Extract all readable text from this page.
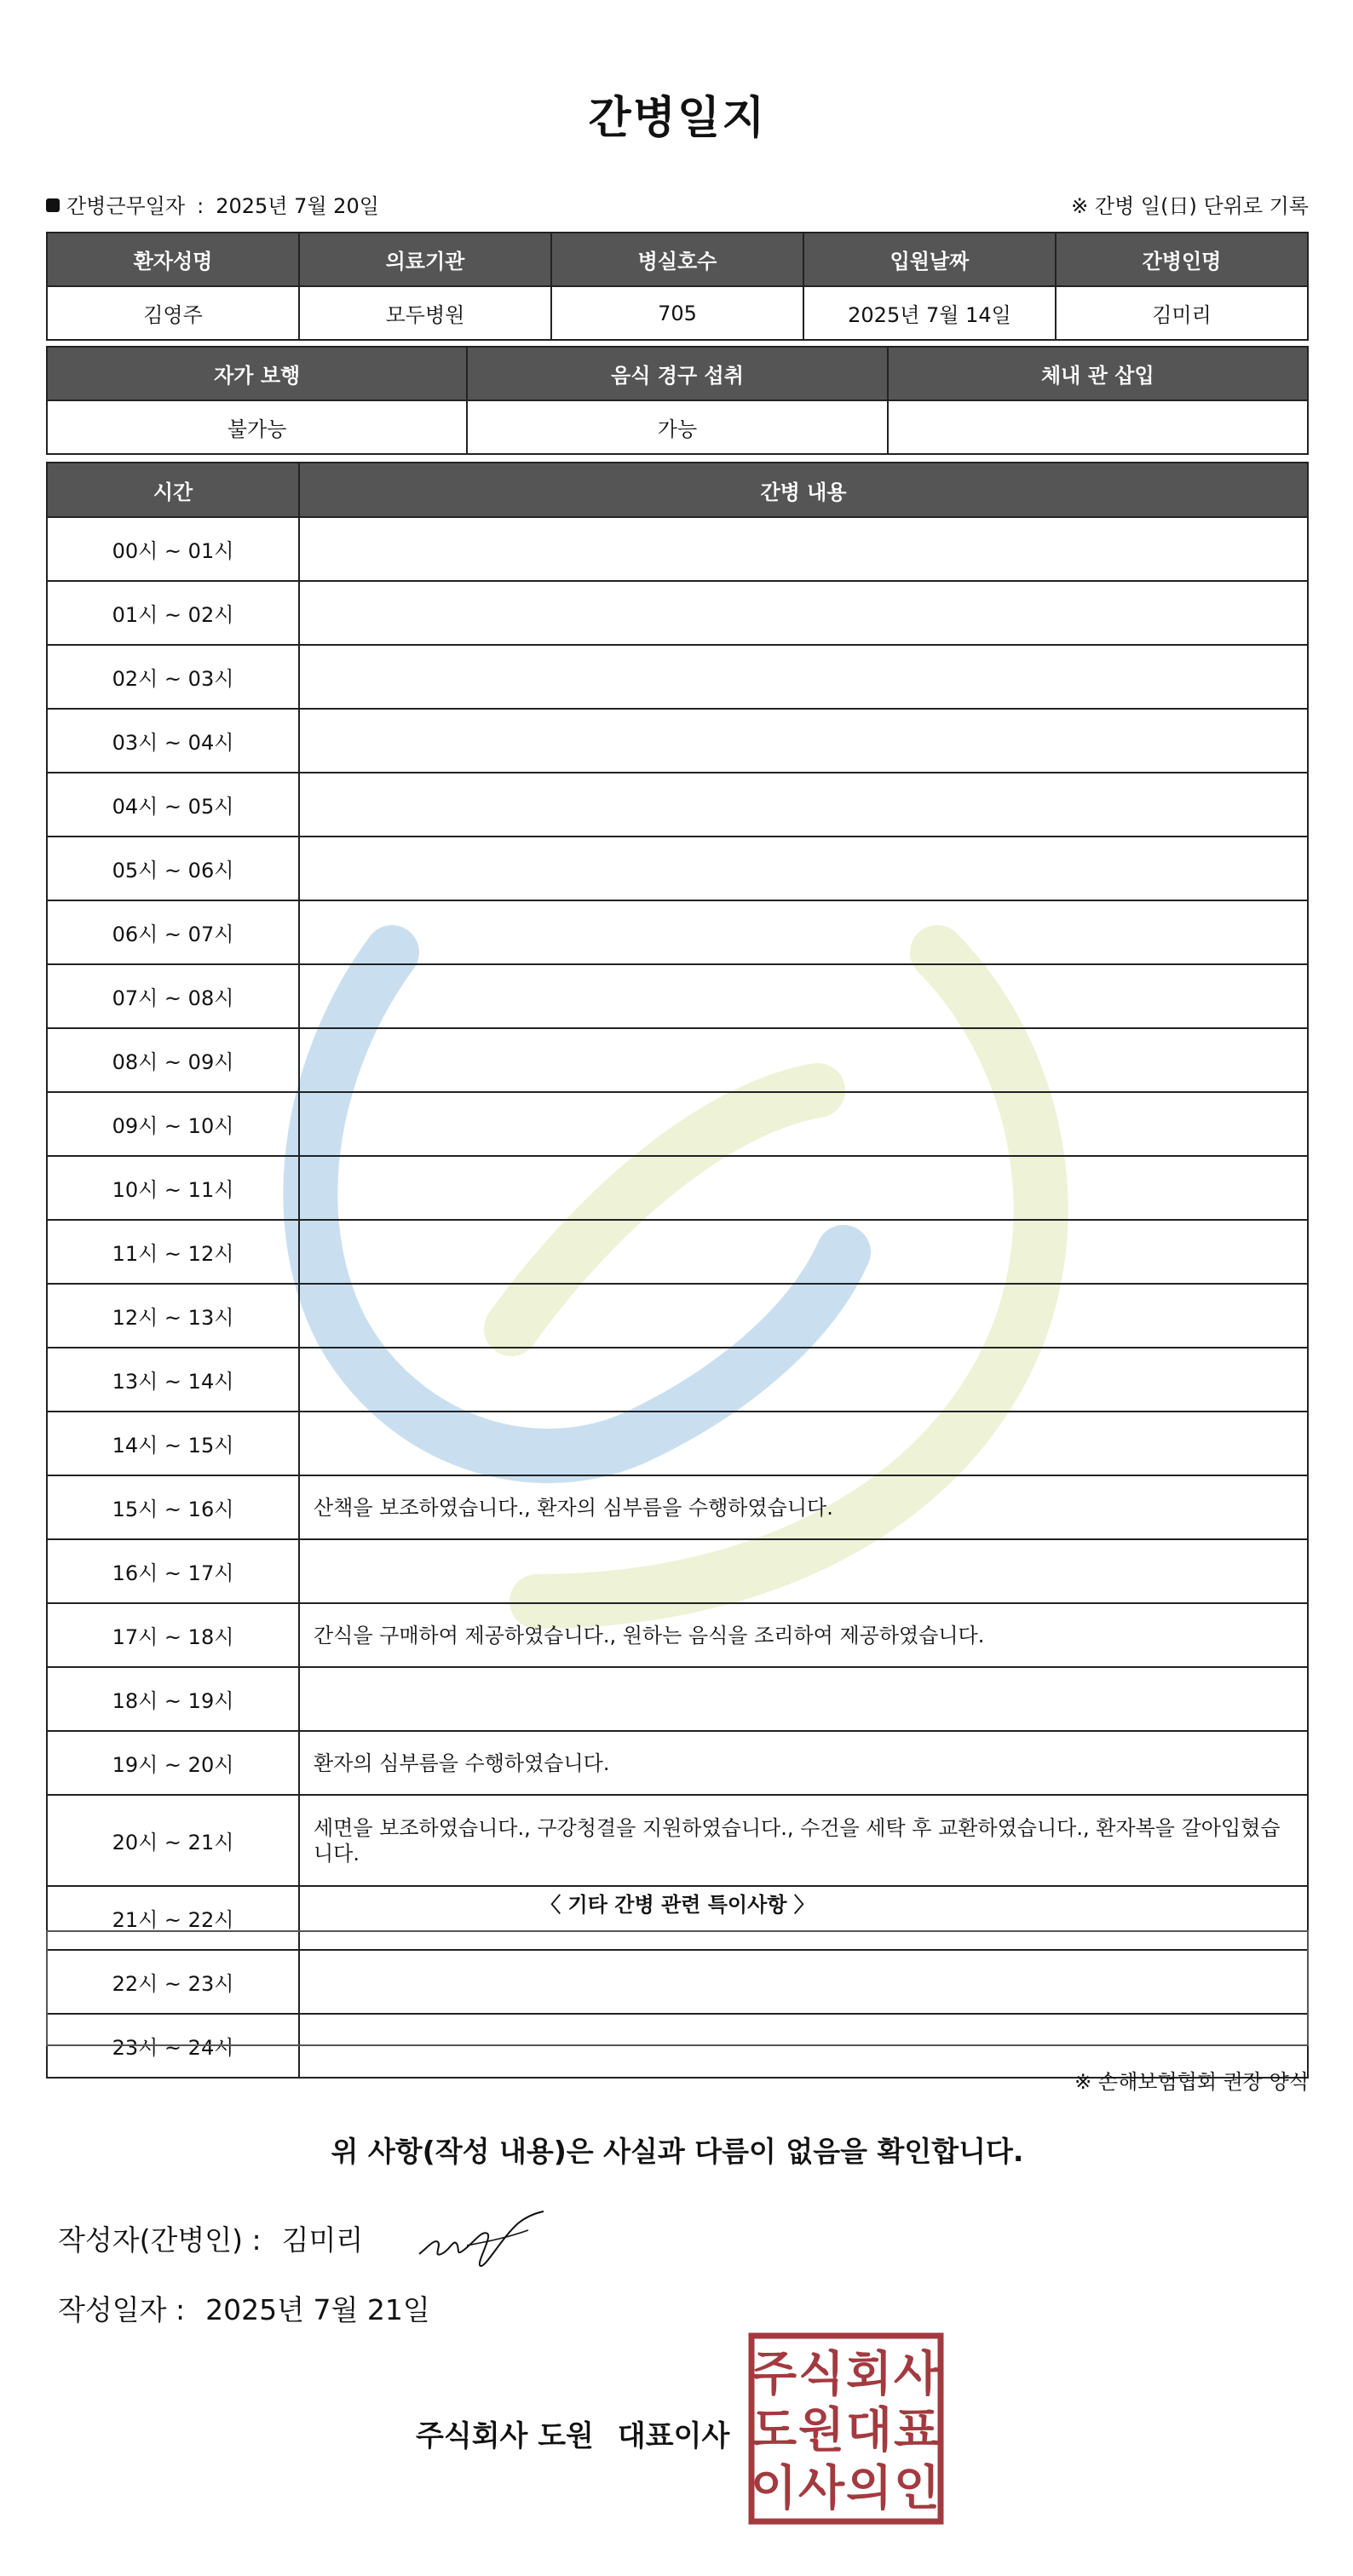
간병일지
간병근무일자 : 2025년 7월 20일	※ 간병 일(日) 단위로 기록
환자성명	의료기관	병실호수	입원날짜	간병인명
김영주	모두병원	705	2025년 7월 14일	김미리
자가 보행	음식 경구 섭취	체내 관 삽입
불가능	가능	
시간	간병 내용
00시 ~ 01시	
01시 ~ 02시	
02시 ~ 03시	
03시 ~ 04시	
04시 ~ 05시	
05시 ~ 06시	
06시 ~ 07시	
07시 ~ 08시	
08시 ~ 09시	
09시 ~ 10시	
10시 ~ 11시	
11시 ~ 12시	
12시 ~ 13시	
13시 ~ 14시	
14시 ~ 15시	
15시 ~ 16시	산책을 보조하였습니다., 환자의 심부름을 수행하였습니다.
16시 ~ 17시	
17시 ~ 18시	간식을 구매하여 제공하였습니다., 원하는 음식을 조리하여 제공하였습니다.
18시 ~ 19시	
19시 ~ 20시	환자의 심부름을 수행하였습니다.
20시 ~ 21시	세면을 보조하였습니다., 구강청결을 지원하였습니다., 수건을 세탁 후 교환하였습니다., 환자복을 갈아입혔습니다.
21시 ~ 22시	
22시 ~ 23시	
23시 ~ 24시	
〈 기타 간병 관련 특이사항 〉
※ 손해보험협회 권장 양식
위 사항(작성 내용)은 사실과 다름이 없음을 확인합니다.
작성자(간병인) : 김미리
작성일자 : 2025년 7월 21일
주식회사 도원 대표이사
주 식 회 사
도 원 대 표
이 사 의 인
